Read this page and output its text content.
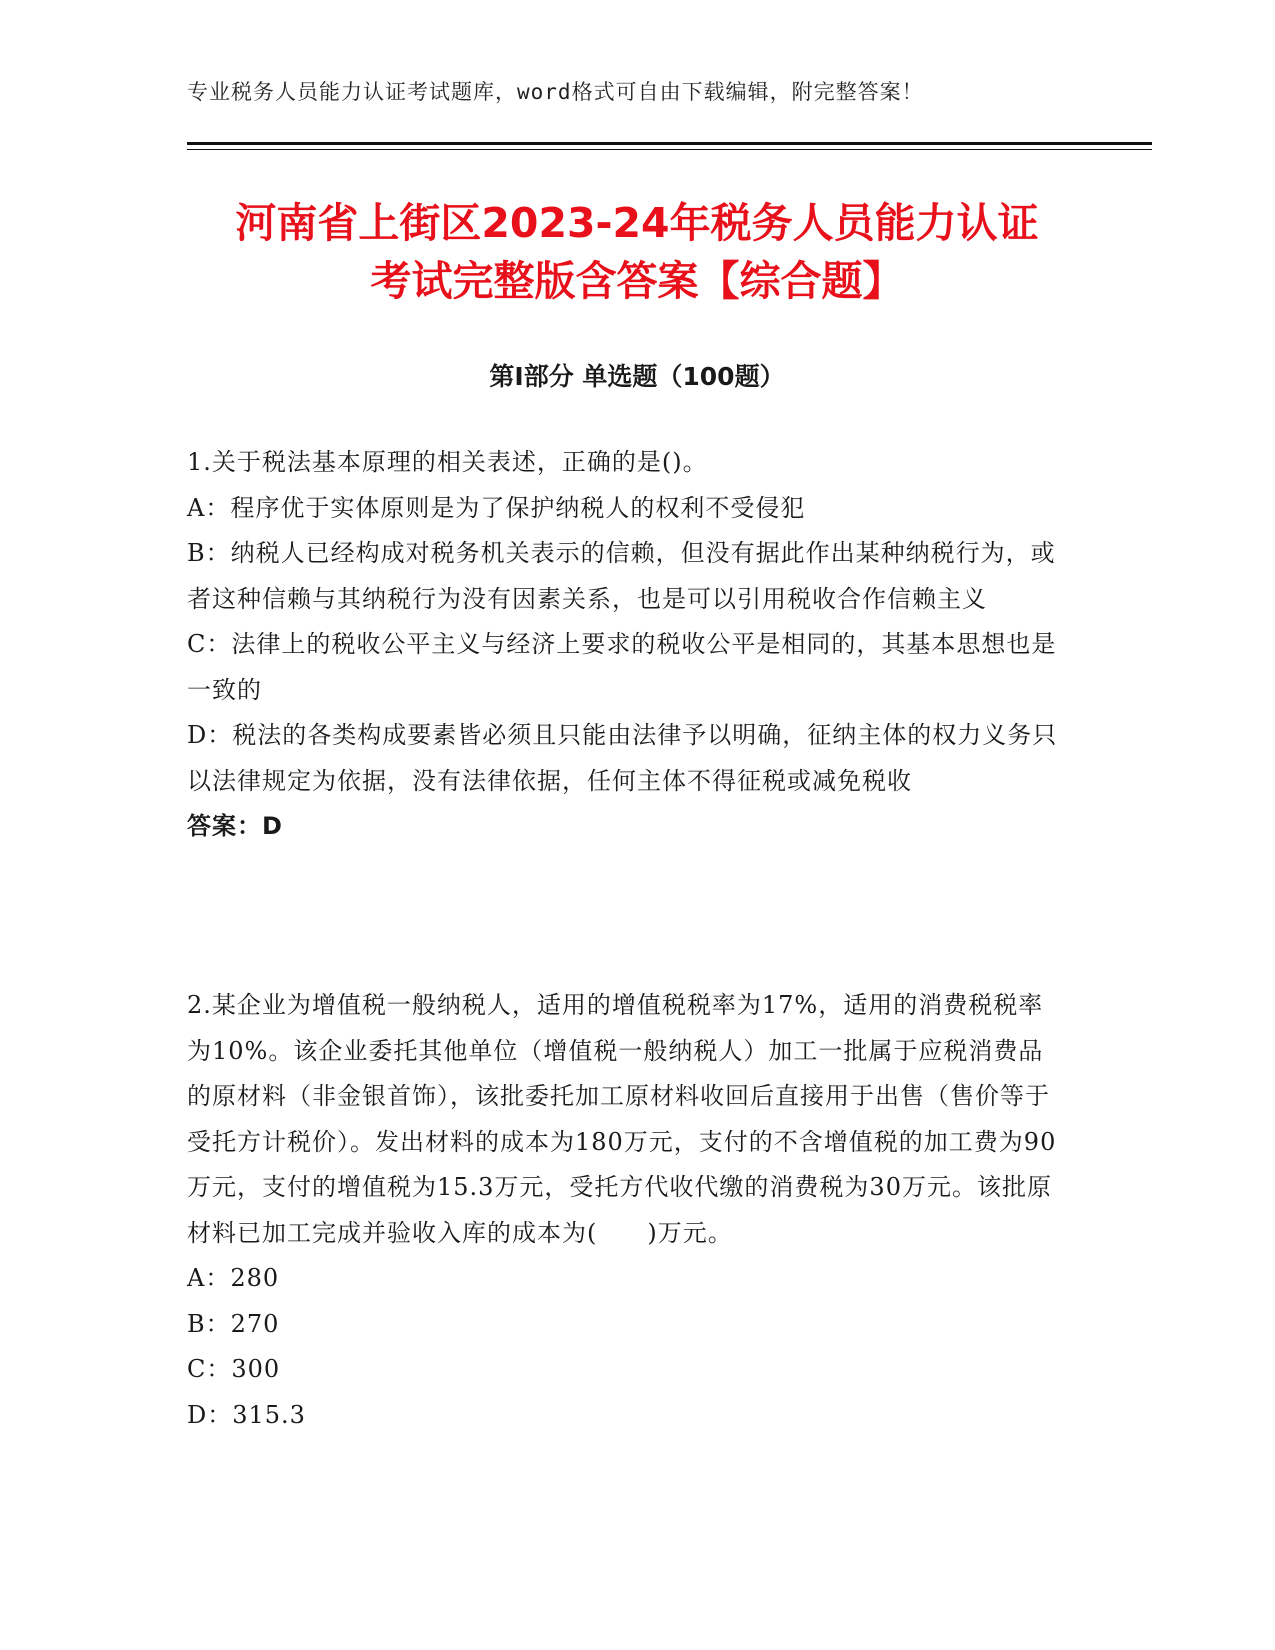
专业税务人员能力认证考试题库，word格式可自由下载编辑，附完整答案！
河南省上街区2023-24年税务人员能力认证
考试完整版含答案【综合题】
第I部分 单选题（100题）

1.关于税法基本原理的相关表述，正确的是()。

A：程序优于实体原则是为了保护纳税人的权利不受侵犯

B：纳税人已经构成对税务机关表示的信赖，但没有据此作出某种纳税行为，或者这种信赖与其纳税行为没有因素关系，也是可以引用税收合作信赖主义

C：法律上的税收公平主义与经济上要求的税收公平是相同的，其基本思想也是一致的

D：税法的各类构成要素皆必须且只能由法律予以明确，征纳主体的权力义务只以法律规定为依据，没有法律依据，任何主体不得征税或减免税收

答案：D

2.某企业为增值税一般纳税人，适用的增值税税率为17%，适用的消费税税率为10%。该企业委托其他单位（增值税一般纳税人）加工一批属于应税消费品的原材料（非金银首饰），该批委托加工原材料收回后直接用于出售（售价等于受托方计税价）。发出材料的成本为180万元，支付的不含增值税的加工费为90万元，支付的增值税为15.3万元，受托方代收代缴的消费税为30万元。该批原材料已加工完成并验收入库的成本为(　　)万元。

A：280

B：270

C：300

D：315.3
